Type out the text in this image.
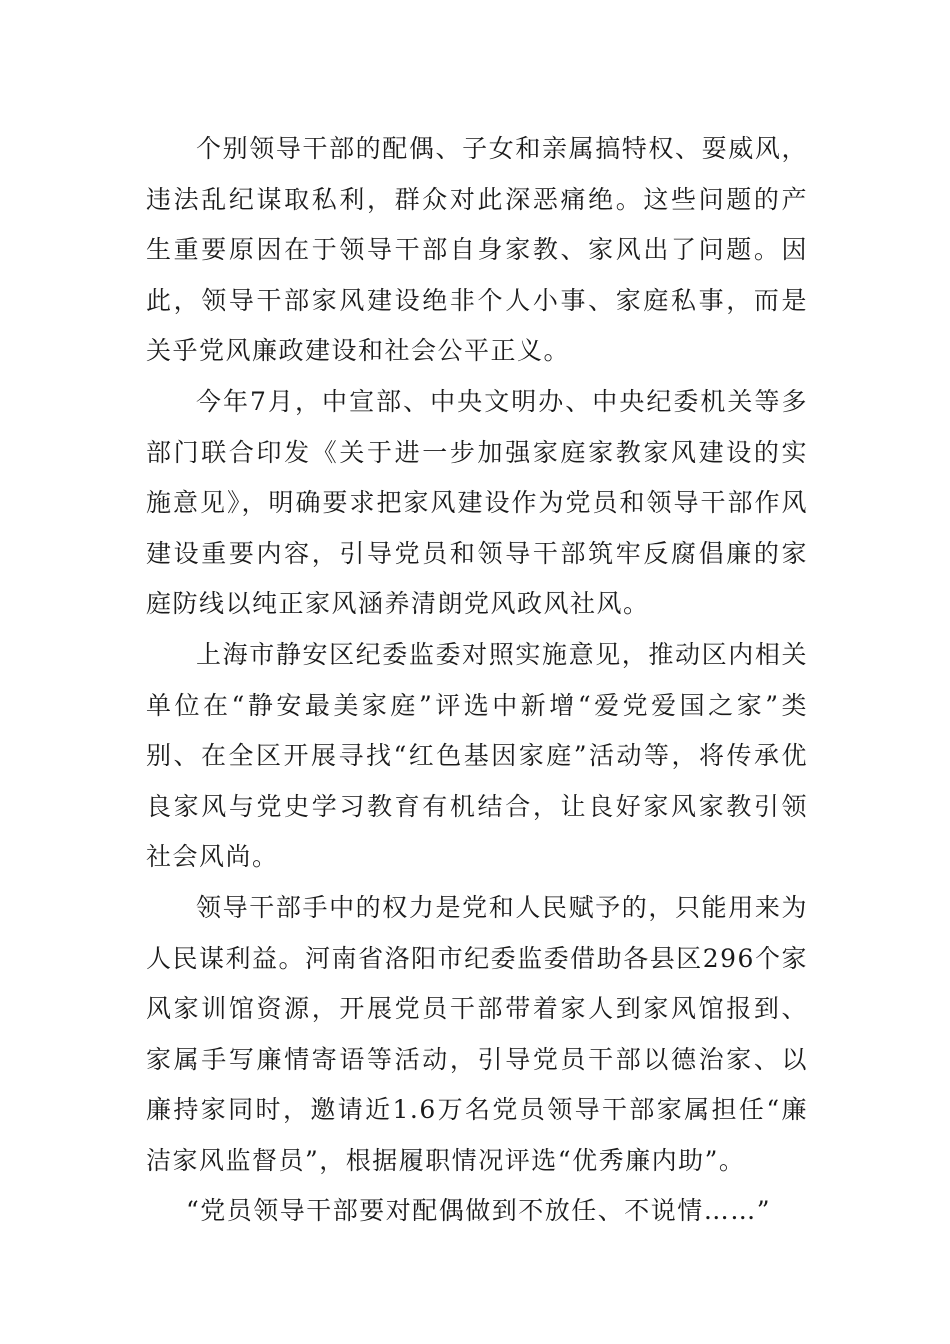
个别领导干部的配偶、子女和亲属搞特权、耍威风，违法乱纪谋取私利，群众对此深恶痛绝。这些问题的产生重要原因在于领导干部自身家教、家风出了问题。因此，领导干部家风建设绝非个人小事、家庭私事，而是关乎党风廉政建设和社会公平正义。

今年7月，中宣部、中央文明办、中央纪委机关等多部门联合印发《关于进一步加强家庭家教家风建设的实施意见》，明确要求把家风建设作为党员和领导干部作风建设重要内容，引导党员和领导干部筑牢反腐倡廉的家庭防线以纯正家风涵养清朗党风政风社风。

上海市静安区纪委监委对照实施意见，推动区内相关单位在“静安最美家庭”评选中新增“爱党爱国之家”类别、在全区开展寻找“红色基因家庭”活动等，将传承优良家风与党史学习教育有机结合，让良好家风家教引领社会风尚。

领导干部手中的权力是党和人民赋予的，只能用来为人民谋利益。河南省洛阳市纪委监委借助各县区296个家风家训馆资源，开展党员干部带着家人到家风馆报到、家属手写廉情寄语等活动，引导党员干部以德治家、以廉持家同时，邀请近1.6万名党员领导干部家属担任“廉洁家风监督员”，根据履职情况评选“优秀廉内助”。

“党员领导干部要对配偶做到不放任、不说情……”
